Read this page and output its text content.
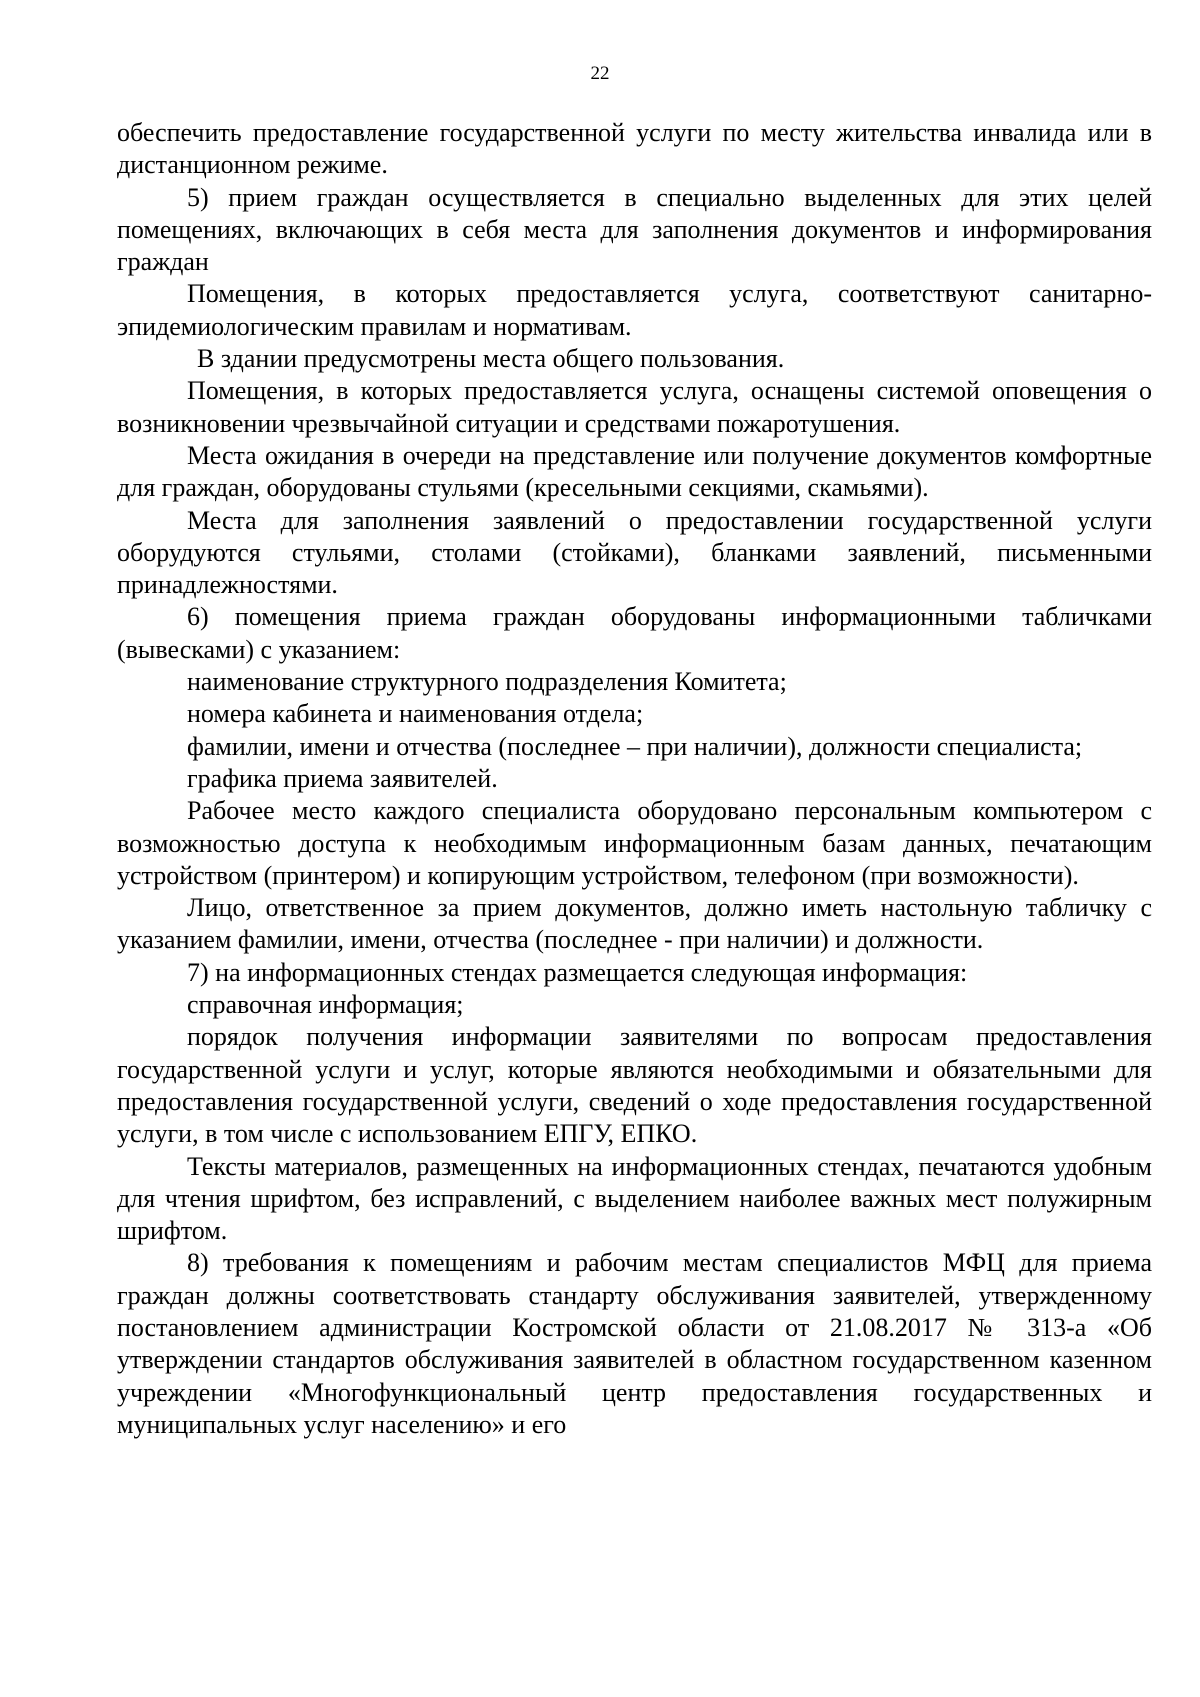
22

обеспечить предоставление государственной услуги по месту жительства инвалида или в дистанционном режиме.

5) прием граждан осуществляется в специально выделенных для этих целей помещениях, включающих в себя места для заполнения документов и информирования граждан

Помещения, в которых предоставляется услуга, соответствуют санитарно-эпидемиологическим правилам и нормативам.

В здании предусмотрены места общего пользования.

Помещения, в которых предоставляется услуга, оснащены системой оповещения о возникновении чрезвычайной ситуации и средствами пожаротушения.

Места ожидания в очереди на представление или получение документов комфортные для граждан, оборудованы стульями (кресельными секциями, скамьями).

Места для заполнения заявлений о предоставлении государственной услуги оборудуются стульями, столами (стойками), бланками заявлений, письменными принадлежностями.

6) помещения приема граждан оборудованы информационными табличками (вывесками) с указанием:

наименование структурного подразделения Комитета;

номера кабинета и наименования отдела;

фамилии, имени и отчества (последнее – при наличии), должности специалиста;

графика приема заявителей.

Рабочее место каждого специалиста оборудовано персональным компьютером с возможностью доступа к необходимым информационным базам данных, печатающим устройством (принтером) и копирующим устройством, телефоном (при возможности).

Лицо, ответственное за прием документов, должно иметь настольную табличку с указанием фамилии, имени, отчества (последнее - при наличии) и должности.

7) на информационных стендах размещается следующая информация:

справочная информация;

порядок получения информации заявителями по вопросам предоставления государственной услуги и услуг, которые являются необходимыми и обязательными для предоставления государственной услуги, сведений о ходе предоставления государственной услуги, в том числе с использованием ЕПГУ, ЕПКО.

Тексты материалов, размещенных на информационных стендах, печатаются удобным для чтения шрифтом, без исправлений, с выделением наиболее важных мест полужирным шрифтом.

8) требования к помещениям и рабочим местам специалистов МФЦ для приема граждан должны соответствовать стандарту обслуживания заявителей, утвержденному постановлением администрации Костромской области от 21.08.2017 № 313-а «Об утверждении стандартов обслуживания заявителей в областном государственном казенном учреждении «Многофункциональный центр предоставления государственных и муниципальных услуг населению» и его
